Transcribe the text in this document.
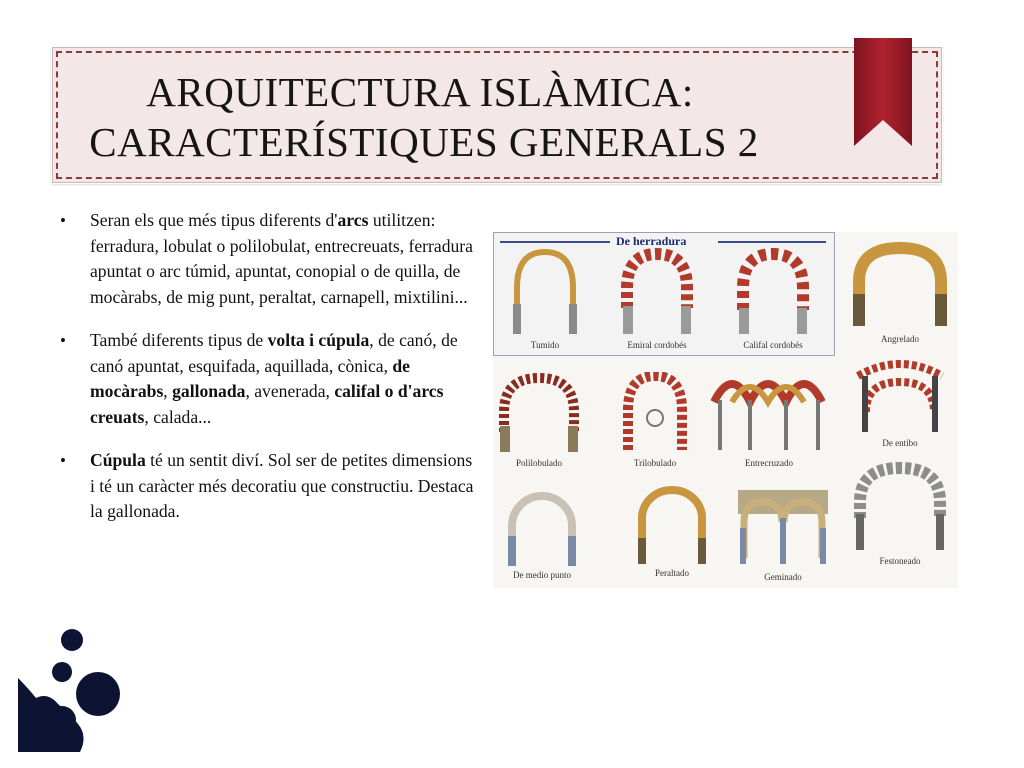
ARQUITECTURA ISLÀMICA:
CARACTERÍSTIQUES GENERALS 2
• Seran els que més tipus diferents d'arcs utilitzen: ferradura, lobulat o polilobulat, entrecreuats, ferradura apuntat o arc túmid, apuntat, conopial o de quilla, de mocàrabs, de mig punt, peraltat, carnapell, mixtilini...
• També diferents tipus de volta i cúpula, de canó, de canó apuntat, esquifada, aquillada, cònica, de mocàrabs, gallonada, avenerada, califal o d'arcs creuats, calada...
• Cúpula té un sentit diví. Sol ser de petites dimensions i té un caràcter més decoratiu que constructiu. Destaca la gallonada.
De herradura
Tumido	Emiral cordobés	Califal cordobés
Angrelado
Polilobulado	Trilobulado	Entrecruzado
De entibo
De medio punto	Peraltado	Geminado
Festoneado
